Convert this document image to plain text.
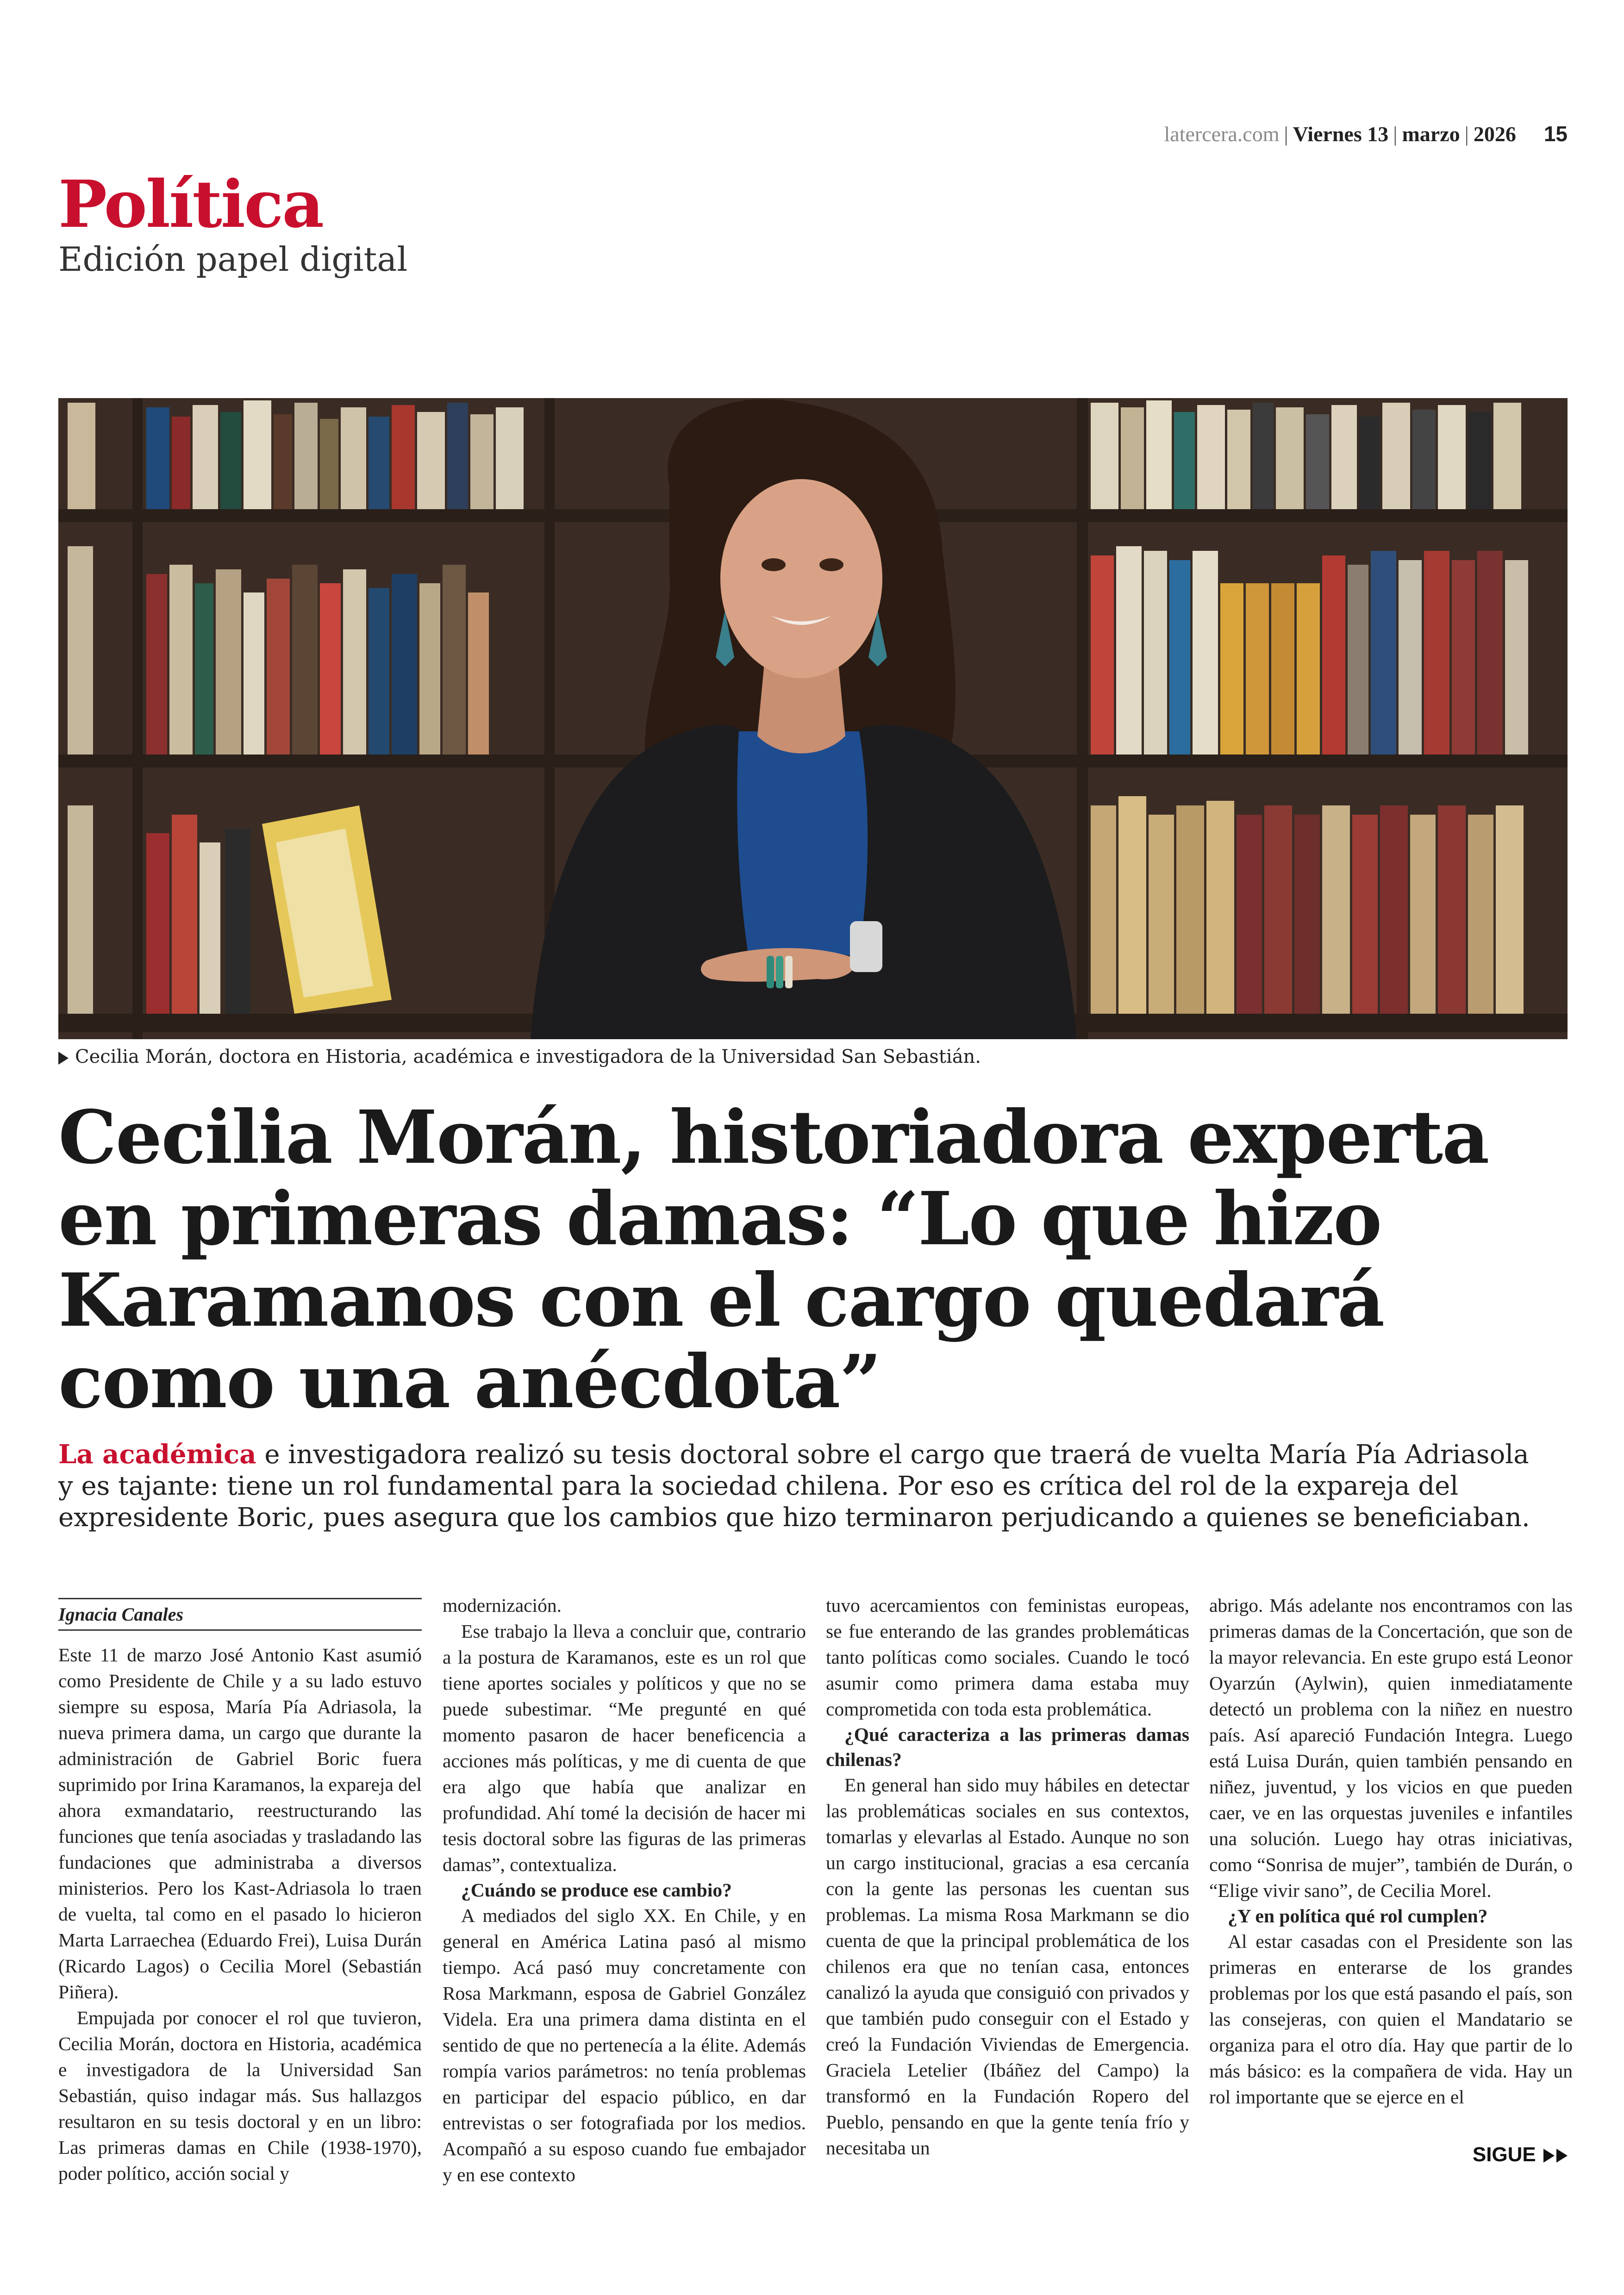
latercera.com | Viernes 13 | marzo | 2026 15
Política
Edición papel digital
Cecilia Morán, doctora en Historia, académica e investigadora de la Universidad San Sebastián.
Cecilia Morán, historiadora experta en primeras damas: “Lo que hizo Karamanos con el cargo quedará como una anécdota”

La académica e investigadora realizó su tesis doctoral sobre el cargo que traerá de vuelta María Pía Adriasola y es tajante: tiene un rol fundamental para la sociedad chilena. Por eso es crítica del rol de la expareja del expresidente Boric, pues asegura que los cambios que hizo terminaron perjudicando a quienes se beneficiaban.

Ignacia Canales

Este 11 de marzo José Antonio Kast asumió como Presidente de Chile y a su lado estuvo siempre su esposa, María Pía Adriasola, la nueva primera dama, un cargo que durante la administración de Gabriel Boric fuera suprimido por Irina Karamanos, la expareja del ahora exmandatario, reestructurando las funciones que tenía asociadas y trasladando las fundaciones que administraba a diversos ministerios. Pero los Kast-Adriasola lo traen de vuelta, tal como en el pasado lo hicieron Marta Larraechea (Eduardo Frei), Luisa Durán (Ricardo Lagos) o Cecilia Morel (Sebastián Piñera).

Empujada por conocer el rol que tuvieron, Cecilia Morán, doctora en Historia, académica e investigadora de la Universidad San Sebastián, quiso indagar más. Sus hallazgos resultaron en su tesis doctoral y en un libro: Las primeras damas en Chile (1938-1970), poder político, acción social y

modernización.

Ese trabajo la lleva a concluir que, contrario a la postura de Karamanos, este es un rol que tiene aportes sociales y políticos y que no se puede subestimar. “Me pregunté en qué momento pasaron de hacer beneficencia a acciones más políticas, y me di cuenta de que era algo que había que analizar en profundidad. Ahí tomé la decisión de hacer mi tesis doctoral sobre las figuras de las primeras damas”, contextualiza.

¿Cuándo se produce ese cambio?

A mediados del siglo XX. En Chile, y en general en América Latina pasó al mismo tiempo. Acá pasó muy concretamente con Rosa Markmann, esposa de Gabriel González Videla. Era una primera dama distinta en el sentido de que no pertenecía a la élite. Además rompía varios parámetros: no tenía problemas en participar del espacio público, en dar entrevistas o ser fotografiada por los medios. Acompañó a su esposo cuando fue embajador y en ese contexto

tuvo acercamientos con feministas europeas, se fue enterando de las grandes problemáticas tanto políticas como sociales. Cuando le tocó asumir como primera dama estaba muy comprometida con toda esta problemática.

¿Qué caracteriza a las primeras damas chilenas?

En general han sido muy hábiles en detectar las problemáticas sociales en sus contextos, tomarlas y elevarlas al Estado. Aunque no son un cargo institucional, gracias a esa cercanía con la gente las personas les cuentan sus problemas. La misma Rosa Markmann se dio cuenta de que la principal problemática de los chilenos era que no tenían casa, entonces canalizó la ayuda que consiguió con privados y que también pudo conseguir con el Estado y creó la Fundación Viviendas de Emergencia. Graciela Letelier (Ibáñez del Campo) la transformó en la Fundación Ropero del Pueblo, pensando en que la gente tenía frío y necesitaba un

abrigo. Más adelante nos encontramos con las primeras damas de la Concertación, que son de la mayor relevancia. En este grupo está Leonor Oyarzún (Aylwin), quien inmediatamente detectó un problema con la niñez en nuestro país. Así apareció Fundación Integra. Luego está Luisa Durán, quien también pensando en niñez, juventud, y los vicios en que pueden caer, ve en las orquestas juveniles e infantiles una solución. Luego hay otras iniciativas, como “Sonrisa de mujer”, también de Durán, o “Elige vivir sano”, de Cecilia Morel.

¿Y en política qué rol cumplen?

Al estar casadas con el Presidente son las primeras en enterarse de los grandes problemas por los que está pasando el país, son las consejeras, con quien el Mandatario se organiza para el otro día. Hay que partir de lo más básico: es la compañera de vida. Hay un rol importante que se ejerce en el

SIGUE
